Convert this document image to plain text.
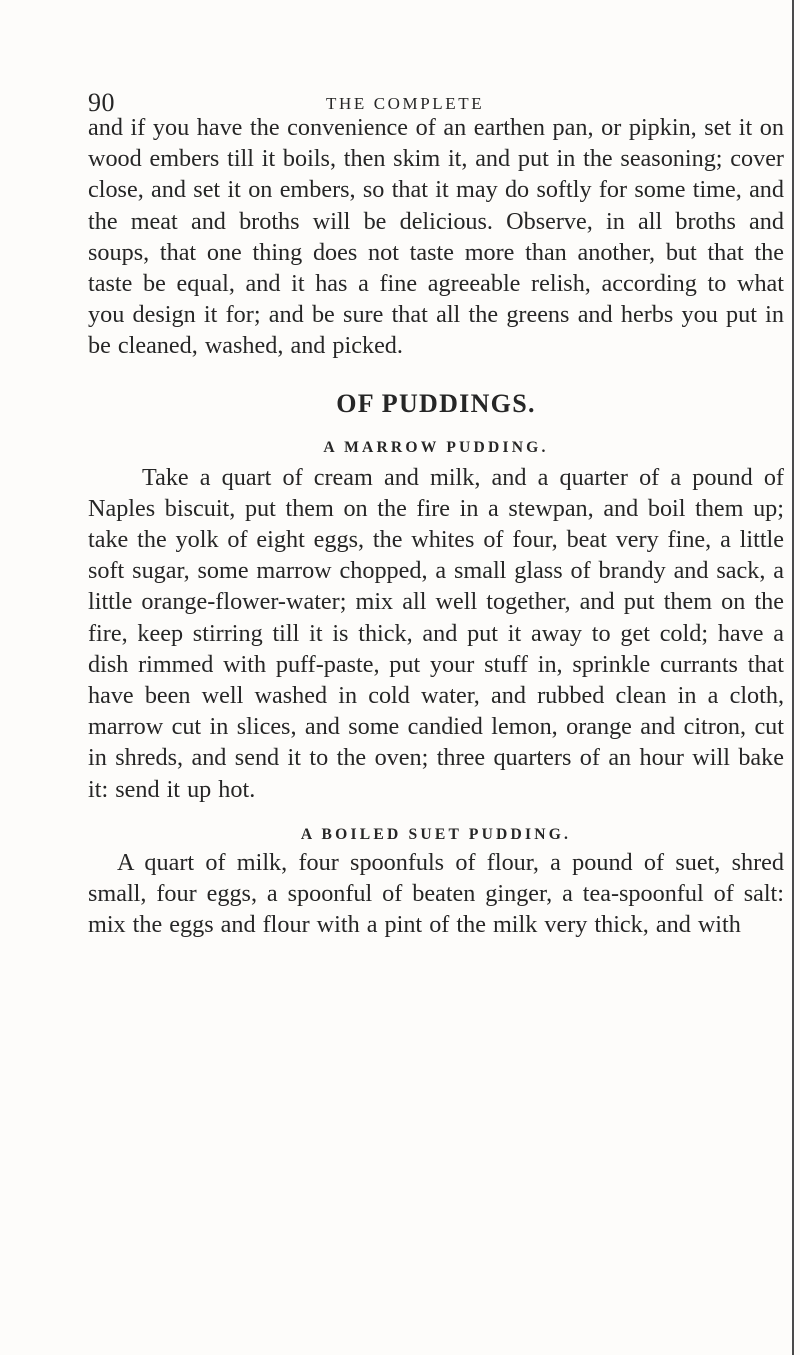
90	THE COMPLETE

and if you have the convenience of an earthen pan, or pipkin, set it on wood embers till it boils, then skim it, and put in the seasoning; cover close, and set it on embers, so that it may do softly for some time, and the meat and broths will be delicious. Observe, in all broths and soups, that one thing does not taste more than another, but that the taste be equal, and it has a fine agreeable relish, according to what you design it for; and be sure that all the greens and herbs you put in be cleaned, washed, and picked.

OF PUDDINGS.
A MARROW PUDDING.

Take a quart of cream and milk, and a quarter of a pound of Naples biscuit, put them on the fire in a stewpan, and boil them up; take the yolk of eight eggs, the whites of four, beat very fine, a little soft sugar, some marrow chopped, a small glass of brandy and sack, a little orange-flower-water; mix all well together, and put them on the fire, keep stirring till it is thick, and put it away to get cold; have a dish rimmed with puff-paste, put your stuff in, sprinkle currants that have been well washed in cold water, and rubbed clean in a cloth, marrow cut in slices, and some candied lemon, orange and citron, cut in shreds, and send it to the oven; three quarters of an hour will bake it: send it up hot.

A BOILED SUET PUDDING.

A quart of milk, four spoonfuls of flour, a pound of suet, shred small, four eggs, a spoonful of beaten ginger, a tea-spoonful of salt: mix the eggs and flour with a pint of the milk very thick, and with
